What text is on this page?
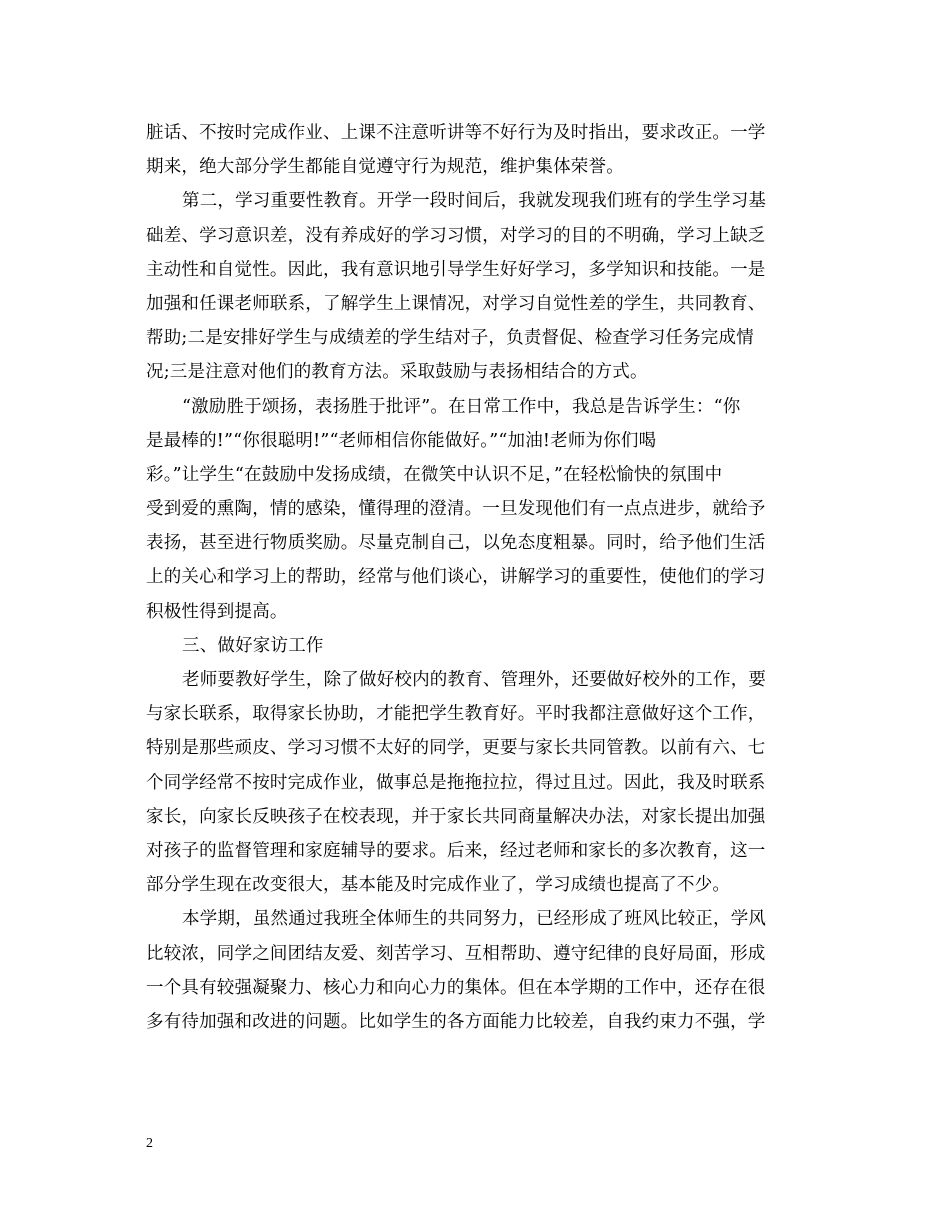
脏话、不按时完成作业、上课不注意听讲等不好行为及时指出，要求改正。一学
期来，绝大部分学生都能自觉遵守行为规范，维护集体荣誉。
第二，学习重要性教育。开学一段时间后，我就发现我们班有的学生学习基
础差、学习意识差，没有养成好的学习习惯，对学习的目的不明确，学习上缺乏
主动性和自觉性。因此，我有意识地引导学生好好学习，多学知识和技能。一是
加强和任课老师联系，了解学生上课情况，对学习自觉性差的学生，共同教育、
帮助;二是安排好学生与成绩差的学生结对子，负责督促、检查学习任务完成情
况;三是注意对他们的教育方法。采取鼓励与表扬相结合的方式。
“激励胜于颂扬，表扬胜于批评”。在日常工作中，我总是告诉学生：“你
是最棒的!”“你很聪明!”“老师相信你能做好。”“加油!老师为你们喝
彩。”让学生“在鼓励中发扬成绩，在微笑中认识不足，”在轻松愉快的氛围中
受到爱的熏陶，情的感染，懂得理的澄清。一旦发现他们有一点点进步，就给予
表扬，甚至进行物质奖励。尽量克制自己，以免态度粗暴。同时，给予他们生活
上的关心和学习上的帮助，经常与他们谈心，讲解学习的重要性，使他们的学习
积极性得到提高。
三、做好家访工作
老师要教好学生，除了做好校内的教育、管理外，还要做好校外的工作，要
与家长联系，取得家长协助，才能把学生教育好。平时我都注意做好这个工作，
特别是那些顽皮、学习习惯不太好的同学，更要与家长共同管教。以前有六、七
个同学经常不按时完成作业，做事总是拖拖拉拉，得过且过。因此，我及时联系
家长，向家长反映孩子在校表现，并于家长共同商量解决办法，对家长提出加强
对孩子的监督管理和家庭辅导的要求。后来，经过老师和家长的多次教育，这一
部分学生现在改变很大，基本能及时完成作业了，学习成绩也提高了不少。
本学期，虽然通过我班全体师生的共同努力，已经形成了班风比较正，学风
比较浓，同学之间团结友爱、刻苦学习、互相帮助、遵守纪律的良好局面，形成
一个具有较强凝聚力、核心力和向心力的集体。但在本学期的工作中，还存在很
多有待加强和改进的问题。比如学生的各方面能力比较差，自我约束力不强，学
2
